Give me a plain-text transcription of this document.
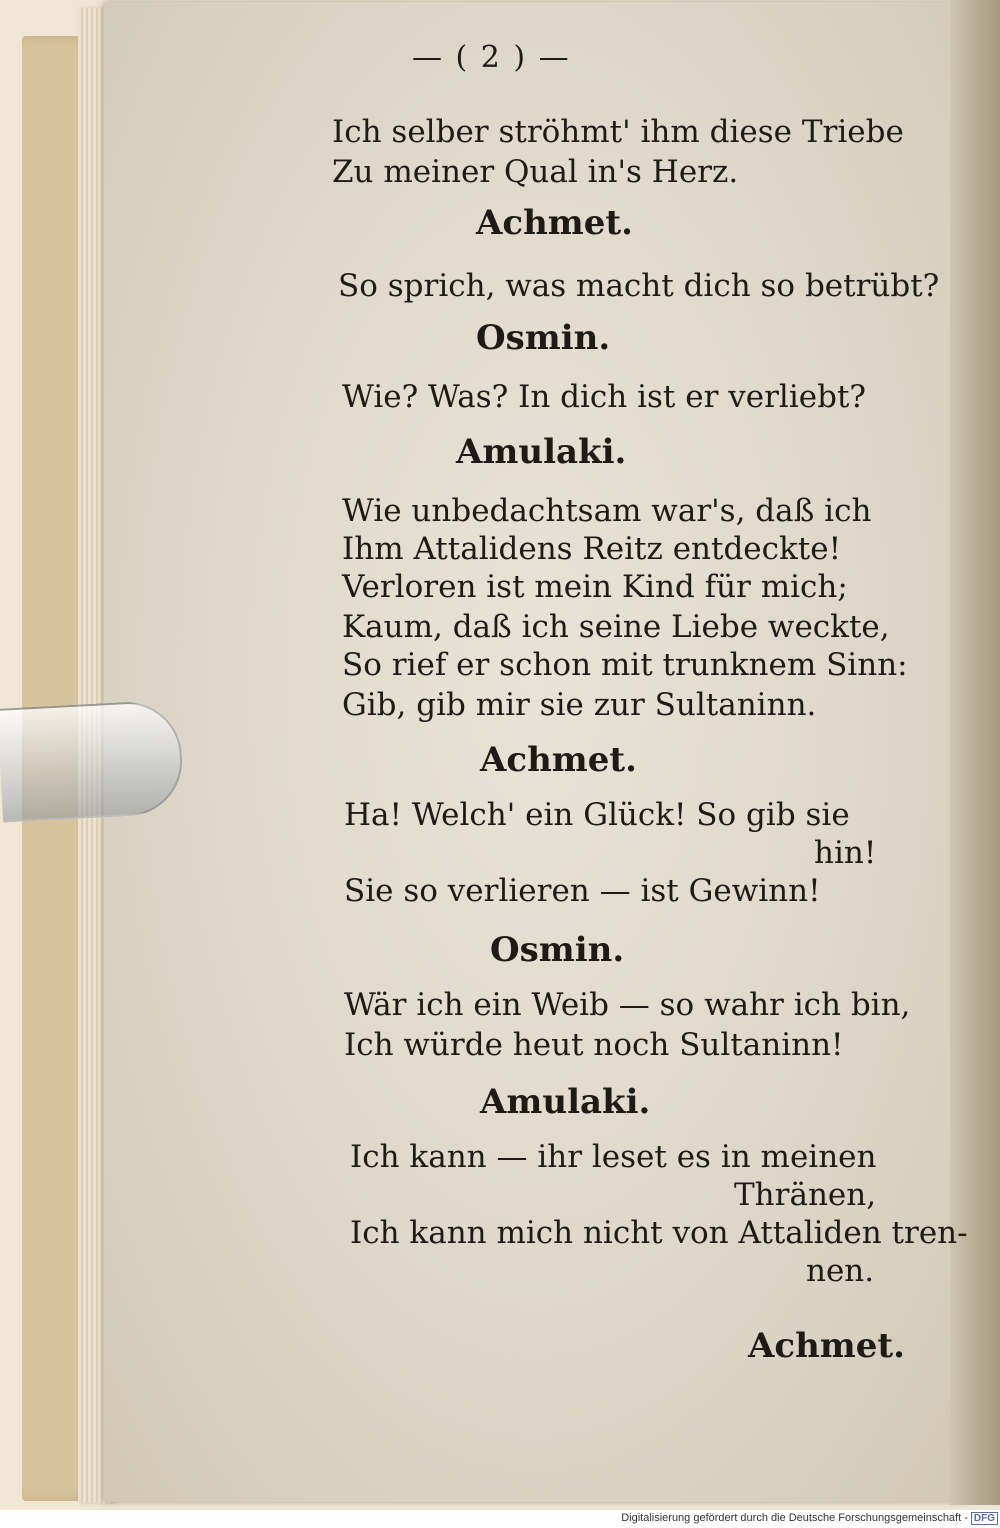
— ( 2 ) —
Ich selber ströhmt' ihm diese Triebe
Zu meiner Qual in's Herz.
Achmet.
So sprich, was macht dich so betrübt?
Osmin.
Wie? Was? In dich ist er verliebt?
Amulaki.
Wie unbedachtsam war's, daß ich
Ihm Attalidens Reitz entdeckte!
Verloren ist mein Kind für mich;
Kaum, daß ich seine Liebe weckte,
So rief er schon mit trunknem Sinn:
Gib, gib mir sie zur Sultaninn.
Achmet.
Ha! Welch' ein Glück! So gib sie
hin!
Sie so verlieren — ist Gewinn!
Osmin.
Wär ich ein Weib — so wahr ich bin,
Ich würde heut noch Sultaninn!
Amulaki.
Ich kann — ihr leset es in meinen
Thränen,
Ich kann mich nicht von Attaliden tren-
nen.
Achmet.
Digitalisierung gefördert durch die Deutsche Forschungsgemeinschaft - DFG
